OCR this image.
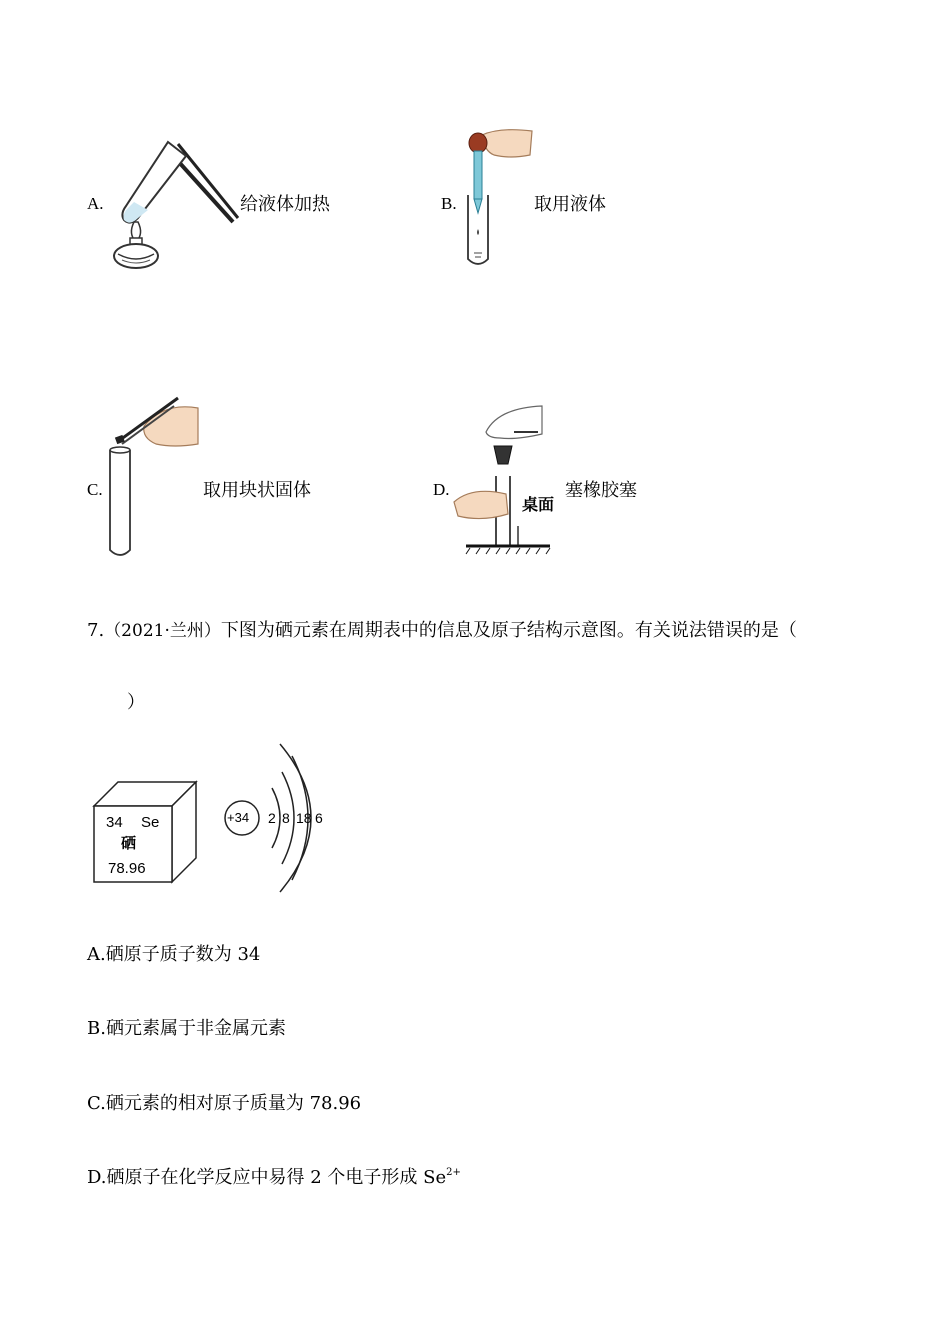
A.	给液体加热	B.	取用液体
C.	取用块状固体	D.
桌面
塞橡胶塞
7.（2021·兰州）下图为硒元素在周期表中的信息及原子结构示意图。有关说法错误的是（
）
34 Se
硒
78.96
+34 2 8 18 6
A.硒原子质子数为 34
B.硒元素属于非金属元素
C.硒元素的相对原子质量为 78.96
D.硒原子在化学反应中易得 2 个电子形成 $Se^{2+}$
